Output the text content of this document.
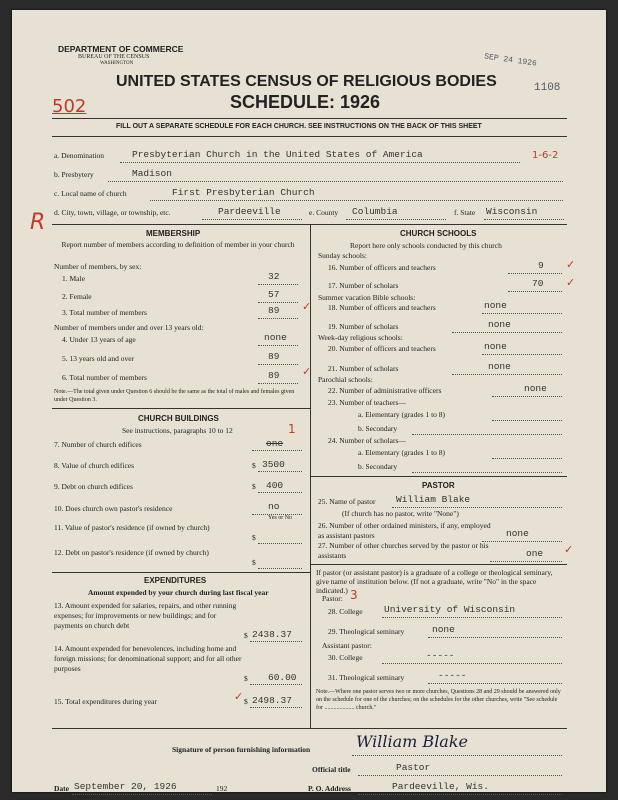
DEPARTMENT OF COMMERCE
BUREAU OF THE CENSUS
WASHINGTON	SEP 24 1926
1108
1-6-2
UNITED STATES CENSUS OF RELIGIOUS BODIES
SCHEDULE: 1926
502
FILL OUT A SEPARATE SCHEDULE FOR EACH CHURCH. SEE INSTRUCTIONS ON THE BACK OF THIS SHEET
a. Denomination	Presbyterian Church in the United States of America
b. Presbytery	Madison
c. Local name of church	First Presbyterian Church
d. City, town, village, or township, etc.	Pardeeville	e. County Columbia	f. State Wisconsin
R	MEMBERSHIP
Report number of members according to definition of member in your church
Number of members, by sex:
1. Male	32
2. Female	57
3. Total number of members	89
Number of members under and over 13 years old:
4. Under 13 years of age	none
5. 13 years old and over	89
6. Total number of members	89
Note.—The total given under Question 6 should be the same as the total of males and females given under Question 3.
CHURCH BUILDINGS
See instructions, paragraphs 10 to 12
7. Number of church edifices	one
1
8. Value of church edifices	$ 3500
9. Debt on church edifices	$ 400
10. Does church own pastor's residence	no
Yes or No
11. Value of pastor's residence (if owned by church)
$
12. Debt on pastor's residence (if owned by church)
$
EXPENDITURES
Amount expended by your church during last fiscal year
13. Amount expended for salaries, repairs, and other running expenses; for improvements or new buildings; and for payments on church debt
$ 2438.37
14. Amount expended for benevolences, including home and foreign missions; for denominational support; and for all other purposes
$ 60.00
15. Total expenditures during year	$ 2498.37
CHURCH SCHOOLS
Report here only schools conducted by this church
Sunday schools:
16. Number of officers and teachers	9
17. Number of scholars	70
Summer vacation Bible schools:
18. Number of officers and teachers	none
19. Number of scholars	none
Week-day religious schools:
20. Number of officers and teachers	none
21. Number of scholars	none
Parochial schools:
22. Number of administrative officers	none
23. Number of teachers—
a. Elementary (grades 1 to 8)
b. Secondary
24. Number of scholars—
a. Elementary (grades 1 to 8)
b. Secondary
PASTOR
25. Name of pastor William Blake
(If church has no pastor, write "None")
26. Number of other ordained ministers, if any, employed as assistant pastors	none
27. Number of other churches served by the pastor or his assistants	one
If pastor (or assistant pastor) is a graduate of a college or theological seminary, give name of institution below. (If not a graduate, write "No" in the space indicated.)
Pastor: 3
28. College University of Wisconsin
29. Theological seminary	none
Assistant pastor:
30. College	-----
31. Theological seminary	-----
Note.—Where one pastor serves two or more churches, Questions 28 and 29 should be answered only on the schedule for one of the churches; on the schedules for the other churches, write "See schedule for .................... church."
✓
✓
✓
✓
✓
✓
Signature of person furnishing information	William Blake
Official title	Pastor
Date September 20, 1926	192	P. O. Address	Pardeeville, Wis.
8—5318 m 11—9664
